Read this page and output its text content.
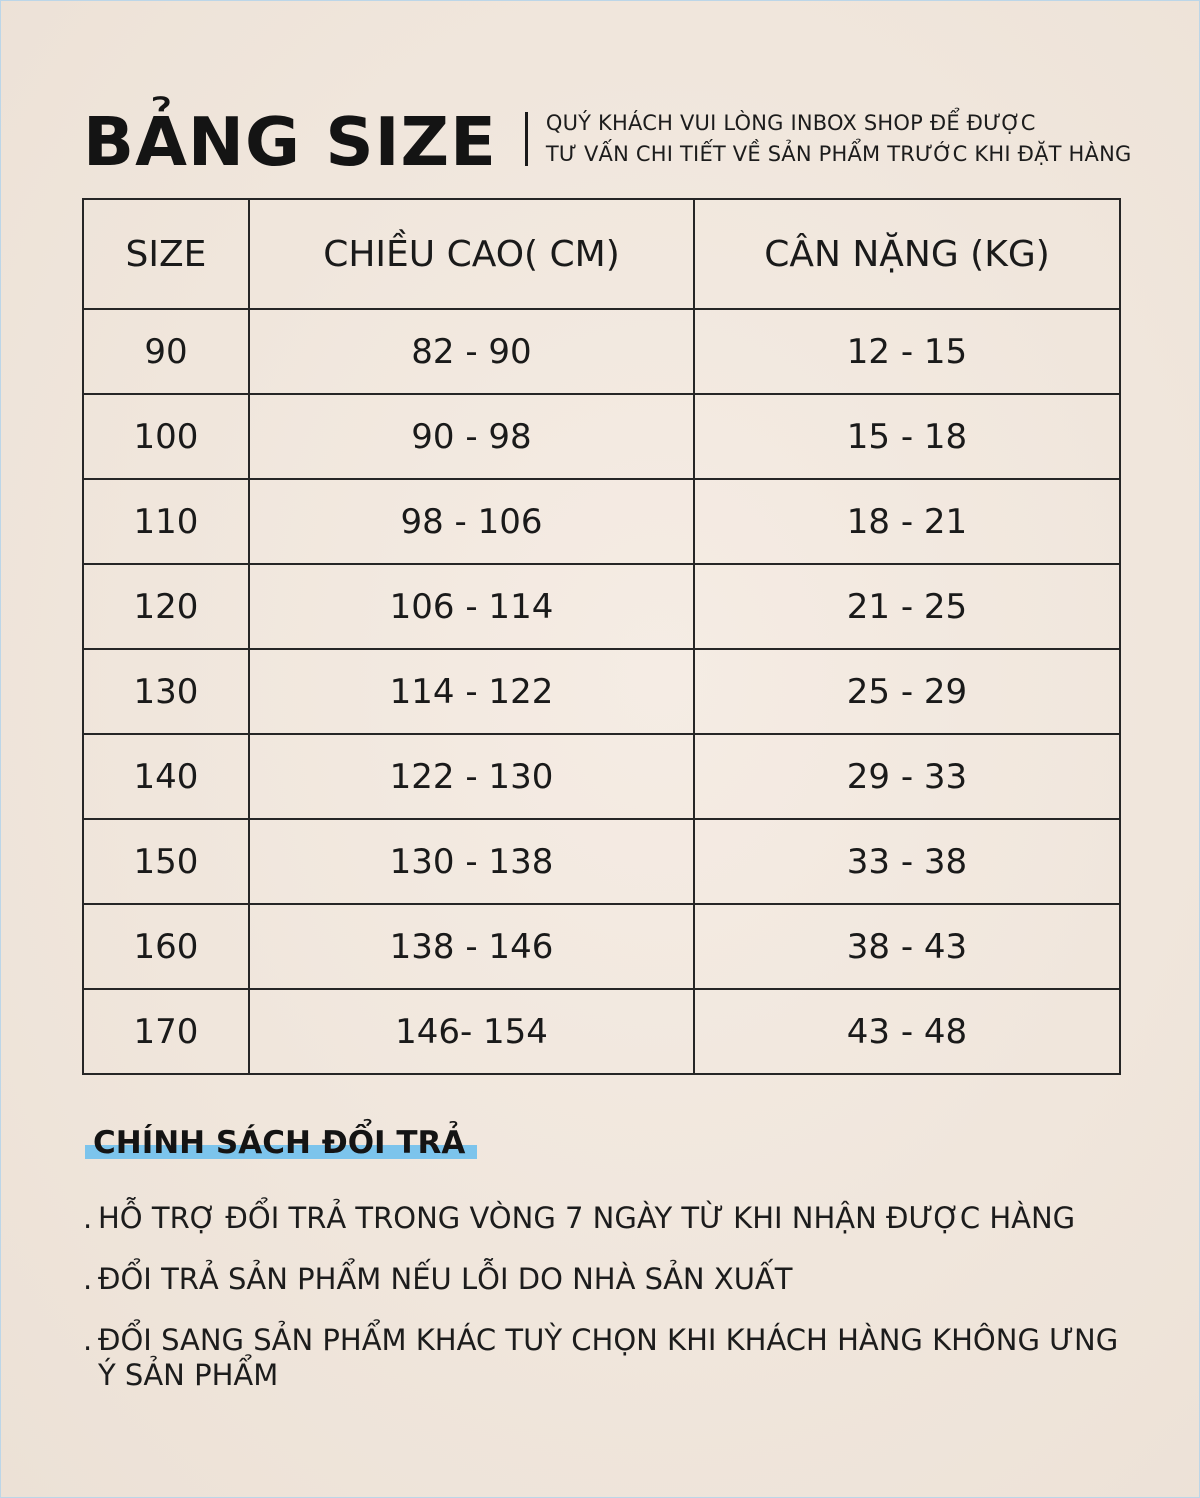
BẢNG SIZE QUÝ KHÁCH VUI LÒNG INBOX SHOP ĐỂ ĐƯỢC
TƯ VẤN CHI TIẾT VỀ SẢN PHẨM TRƯỚC KHI ĐẶT HÀNG
SIZE	CHIỀU CAO( CM)	CÂN NẶNG (KG)
90	82 - 90	12 - 15
100	90 - 98	15 - 18
110	98 - 106	18 - 21
120	106 - 114	21 - 25
130	114 - 122	25 - 29
140	122 - 130	29 - 33
150	130 - 138	33 - 38
160	138 - 146	38 - 43
170	146- 154	43 - 48
CHÍNH SÁCH ĐỔI TRẢ
. HỖ TRỢ ĐỔI TRẢ TRONG VÒNG 7 NGÀY TỪ KHI NHẬN ĐƯỢC HÀNG
. ĐỔI TRẢ SẢN PHẨM NẾU LỖI DO NHÀ SẢN XUẤT
. ĐỔI SANG SẢN PHẨM KHÁC TUỲ CHỌN KHI KHÁCH HÀNG KHÔNG ƯNG Ý SẢN PHẨM
